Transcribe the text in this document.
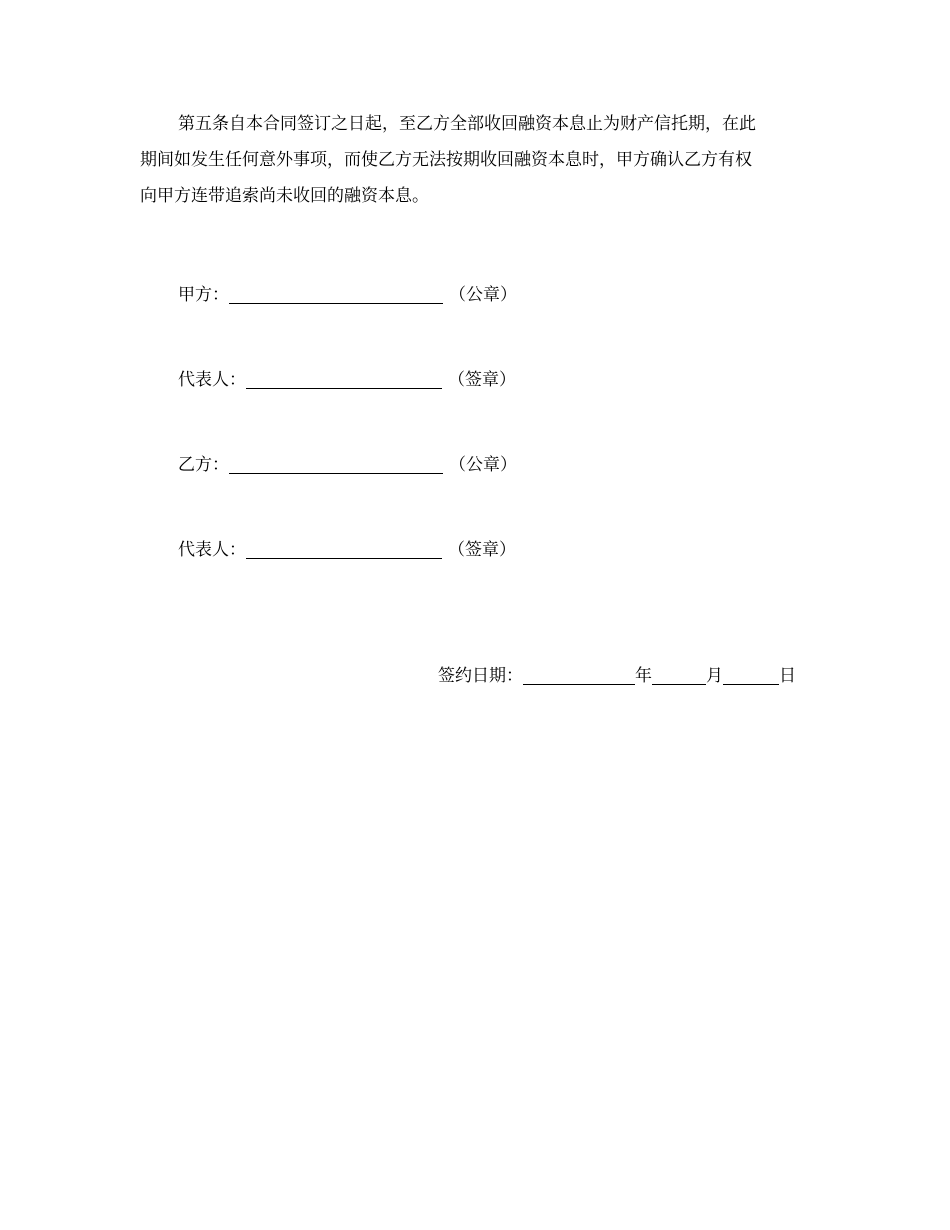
第五条自本合同签订之日起，至乙方全部收回融资本息止为财产信托期，在此
期间如发生任何意外事项，而使乙方无法按期收回融资本息时，甲方确认乙方有权
向甲方连带追索尚未收回的融资本息。
甲方：	（公章）
代表人：	（签章）
乙方：	（公章）
代表人：	（签章）
签约日期：	年	月	日
